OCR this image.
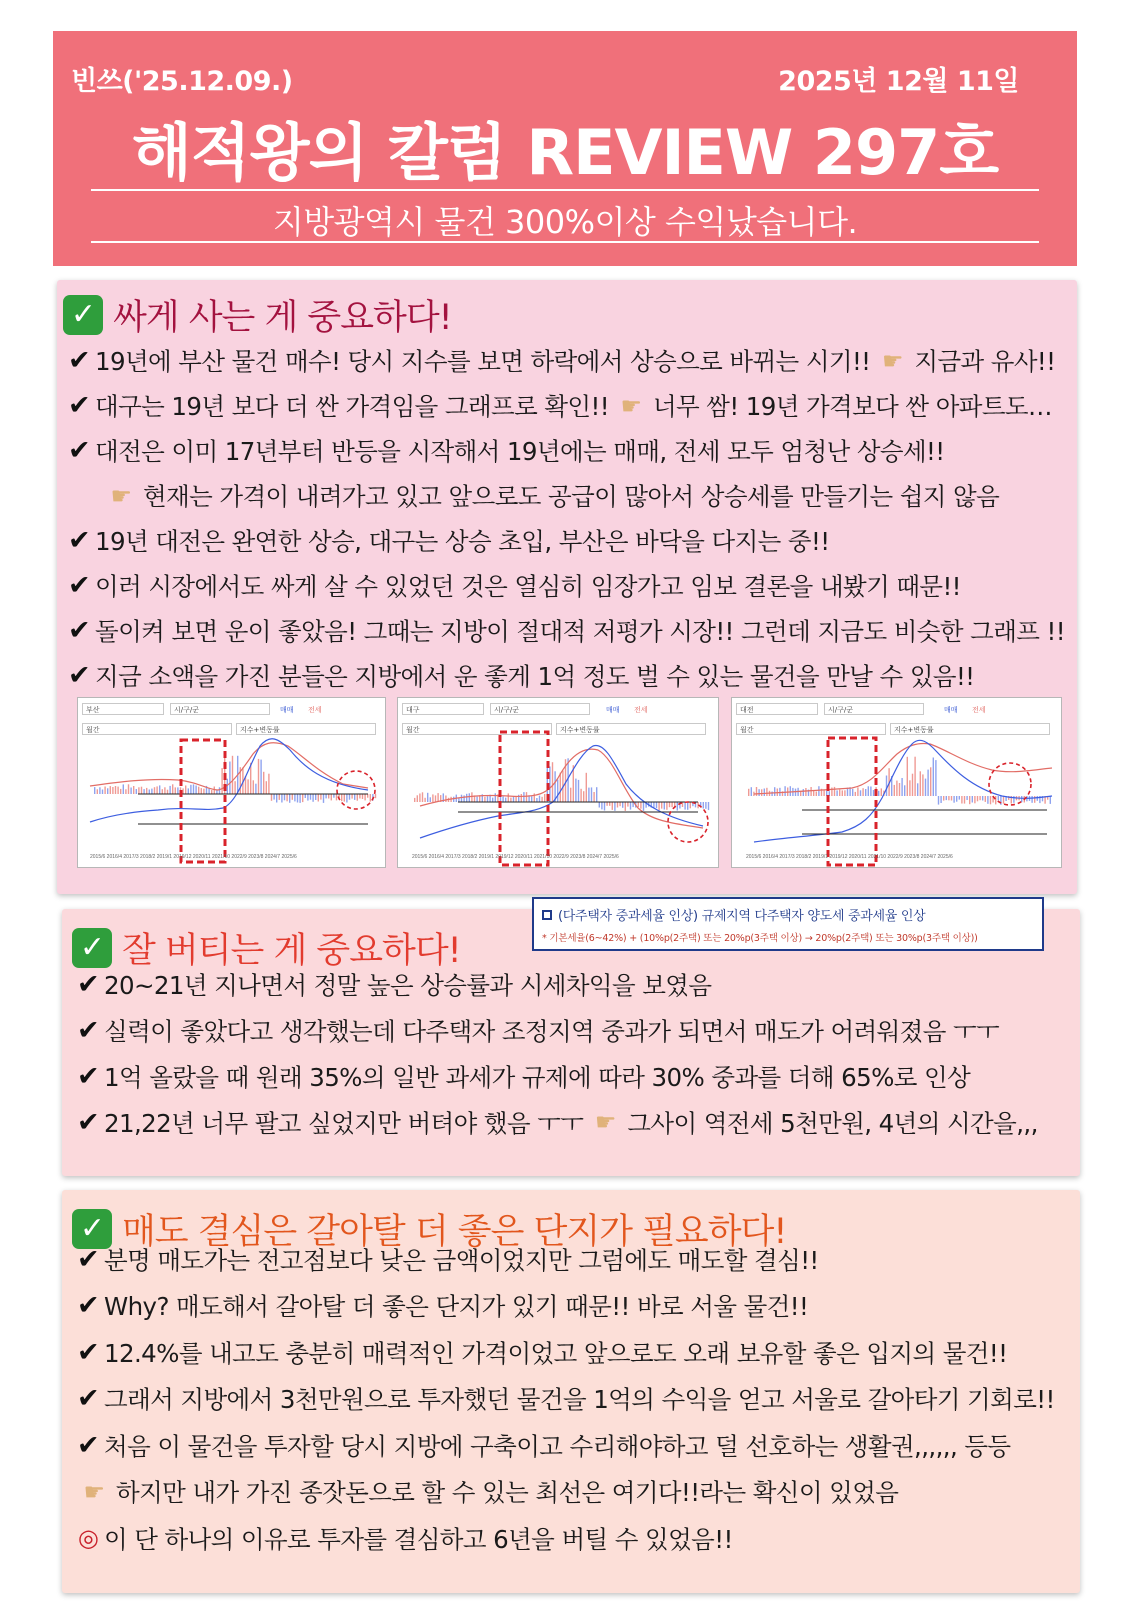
빈쓰('25.12.09.)	2025년 12월 11일
해적왕의 칼럼 REVIEW 297호
지방광역시 물건 300%이상 수익났습니다.
✓ 싸게 사는 게 중요하다!
✔ 19년에 부산 물건 매수! 당시 지수를 보면 하락에서 상승으로 바뀌는 시기!! ☛ 지금과 유사!!
✔ 대구는 19년 보다 더 싼 가격임을 그래프로 확인!! ☛ 너무 쌈! 19년 가격보다 싼 아파트도…
✔ 대전은 이미 17년부터 반등을 시작해서 19년에는 매매, 전세 모두 엄청난 상승세!!
☛ 현재는 가격이 내려가고 있고 앞으로도 공급이 많아서 상승세를 만들기는 쉽지 않음
✔ 19년 대전은 완연한 상승, 대구는 상승 초입, 부산은 바닥을 다지는 중!!
✔ 이러 시장에서도 싸게 살 수 있었던 것은 열심히 임장가고 임보 결론을 내봤기 때문!!
✔ 돌이켜 보면 운이 좋았음! 그때는 지방이 절대적 저평가 시장!! 그런데 지금도 비슷한 그래프 !!
✔ 지금 소액을 가진 분들은 지방에서 운 좋게 1억 정도 벌 수 있는 물건을 만날 수 있음!!
부산	시/구/군	매매 전세
월간	지수+변동률
2015/6 2016/4 2017/3 2018/2 2019/1 2019/12 2020/11 2021/10 2022/9 2023/8 2024/7 2025/6
대구	시/구/군	매매 전세
월간	지수+변동률
2015/6 2016/4 2017/3 2018/2 2019/1 2019/12 2020/11 2021/10 2022/9 2023/8 2024/7 2025/6
대전	시/구/군	매매 전세
월간	지수+변동률
2015/6 2016/4 2017/3 2018/2 2019/1 2019/12 2020/11 2021/10 2022/9 2023/8 2024/7 2025/6
✓ 잘 버티는 게 중요하다!
(다주택자 중과세율 인상) 규제지역 다주택자 양도세 중과세율 인상
* 기본세율(6~42%) + (10%p(2주택) 또는 20%p(3주택 이상) → 20%p(2주택) 또는 30%p(3주택 이상))
✔ 20~21년 지나면서 정말 높은 상승률과 시세차익을 보였음
✔ 실력이 좋았다고 생각했는데 다주택자 조정지역 중과가 되면서 매도가 어려워졌음 ㅜㅜ
✔ 1억 올랐을 때 원래 35%의 일반 과세가 규제에 따라 30% 중과를 더해 65%로 인상
✔ 21,22년 너무 팔고 싶었지만 버텨야 했음 ㅜㅜ ☛ 그사이 역전세 5천만원, 4년의 시간을,,,
✓ 매도 결심은 갈아탈 더 좋은 단지가 필요하다!
✔ 분명 매도가는 전고점보다 낮은 금액이었지만 그럼에도 매도할 결심!!
✔ Why? 매도해서 갈아탈 더 좋은 단지가 있기 때문!! 바로 서울 물건!!
✔ 12.4%를 내고도 충분히 매력적인 가격이었고 앞으로도 오래 보유할 좋은 입지의 물건!!
✔ 그래서 지방에서 3천만원으로 투자했던 물건을 1억의 수익을 얻고 서울로 갈아타기 기회로!!
✔ 처음 이 물건을 투자할 당시 지방에 구축이고 수리해야하고 덜 선호하는 생활권,,,,,, 등등
☛ 하지만 내가 가진 종잣돈으로 할 수 있는 최선은 여기다!!라는 확신이 있었음
◎ 이 단 하나의 이유로 투자를 결심하고 6년을 버틸 수 있었음!!
